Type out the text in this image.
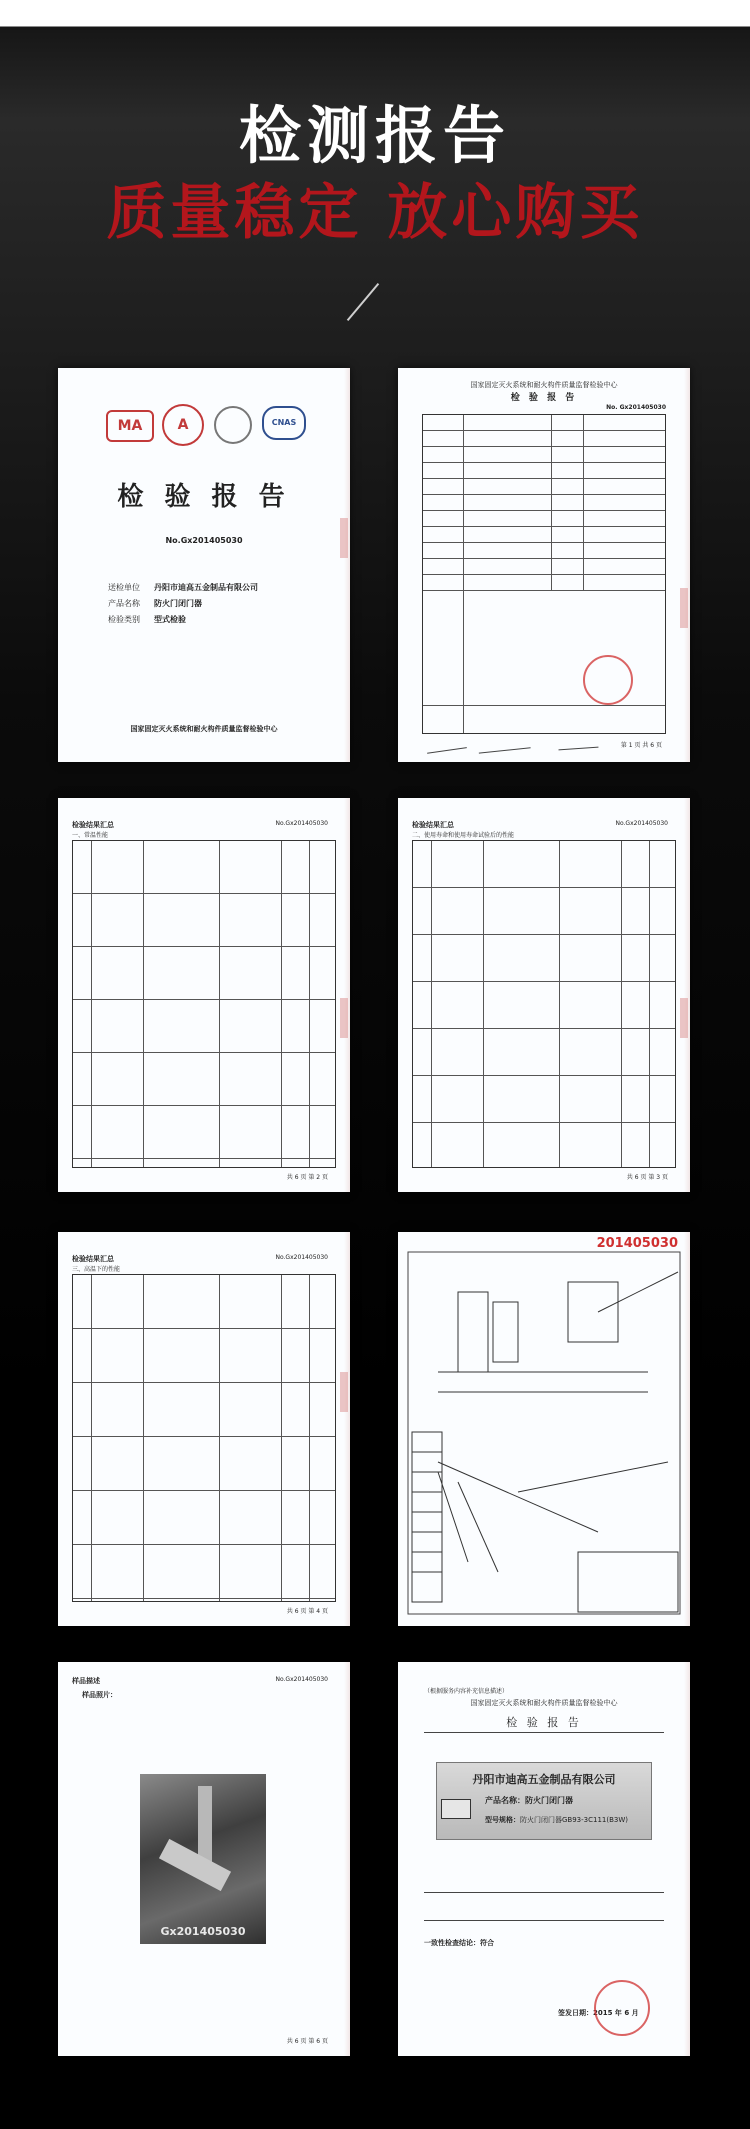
检测报告
质量稳定 放心购买
MA	A	CNAS
检 验 报 告
No.Gx201405030
送检单位 丹阳市迪高五金制品有限公司
产品名称 防火门闭门器
检验类别 型式检验
国家固定灭火系统和耐火构件质量监督检验中心
国家固定灭火系统和耐火构件质量监督检验中心
检 验 报 告
No. Gx201405030
第 1 页 共 6 页
检验结果汇总	No.Gx201405030
一、常温性能
共 6 页 第 2 页
检验结果汇总	No.Gx201405030
二、使用寿命和使用寿命试验后的性能
共 6 页 第 3 页
检验结果汇总	No.Gx201405030
三、高温下的性能
共 6 页 第 4 页
201405030
样品描述	No.Gx201405030
样品照片：
Gx201405030
共 6 页 第 6 页
（根据服务内容补充信息描述）
国家固定灭火系统和耐火构件质量监督检验中心
检 验 报 告
丹阳市迪高五金制品有限公司
产品名称：防火门闭门器
型号规格：防火门闭门器GB93-3C111(B3W)
一致性检查结论：符合
签发日期：2015 年 6 月
